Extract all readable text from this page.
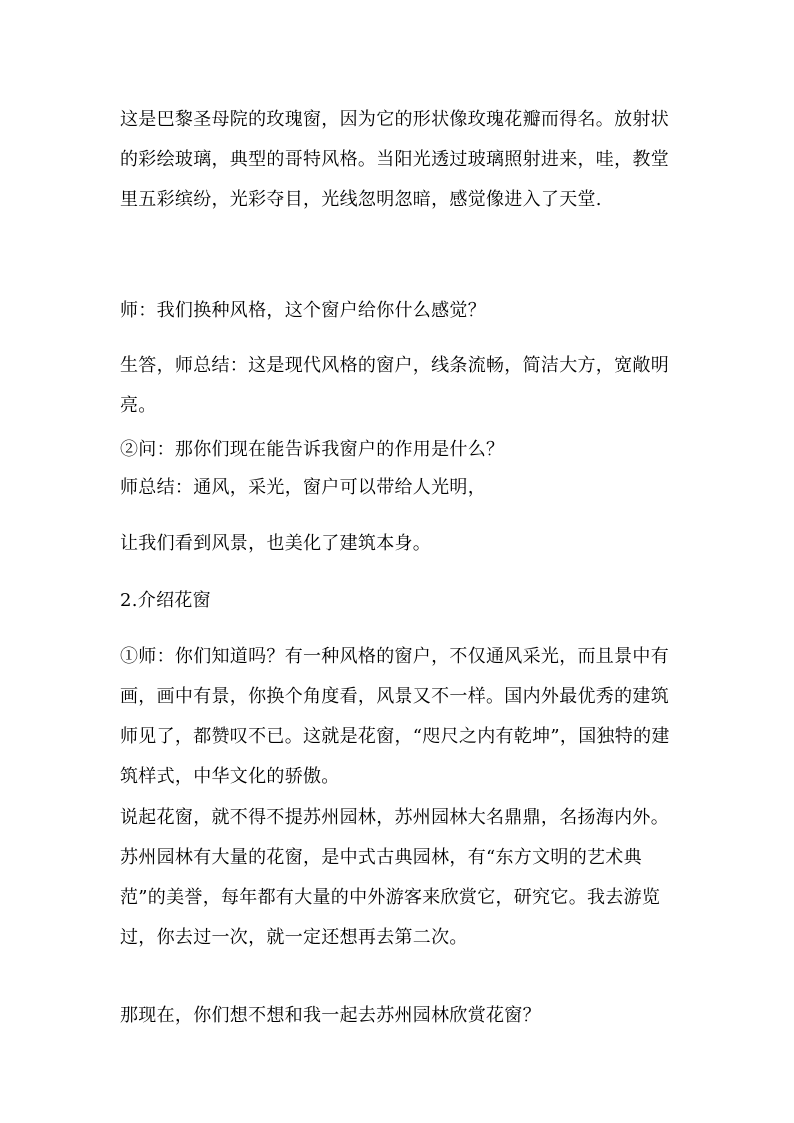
这是巴黎圣母院的玫瑰窗，因为它的形状像玫瑰花瓣而得名。放射状的彩绘玻璃，典型的哥特风格。当阳光透过玻璃照射进来，哇，教堂里五彩缤纷，光彩夺目，光线忽明忽暗，感觉像进入了天堂.

师：我们换种风格，这个窗户给你什么感觉？

生答，师总结：这是现代风格的窗户，线条流畅，简洁大方，宽敞明亮。

②问：那你们现在能告诉我窗户的作用是什么？

师总结：通风，采光，窗户可以带给人光明，

让我们看到风景，也美化了建筑本身。

2.介绍花窗

①师：你们知道吗？有一种风格的窗户，不仅通风采光，而且景中有画，画中有景，你换个角度看，风景又不一样。国内外最优秀的建筑师见了，都赞叹不已。这就是花窗，“咫尺之内有乾坤”，国独特的建筑样式，中华文化的骄傲。

说起花窗，就不得不提苏州园林，苏州园林大名鼎鼎，名扬海内外。苏州园林有大量的花窗，是中式古典园林，有“东方文明的艺术典范”的美誉，每年都有大量的中外游客来欣赏它，研究它。我去游览过，你去过一次，就一定还想再去第二次。

那现在，你们想不想和我一起去苏州园林欣赏花窗？
